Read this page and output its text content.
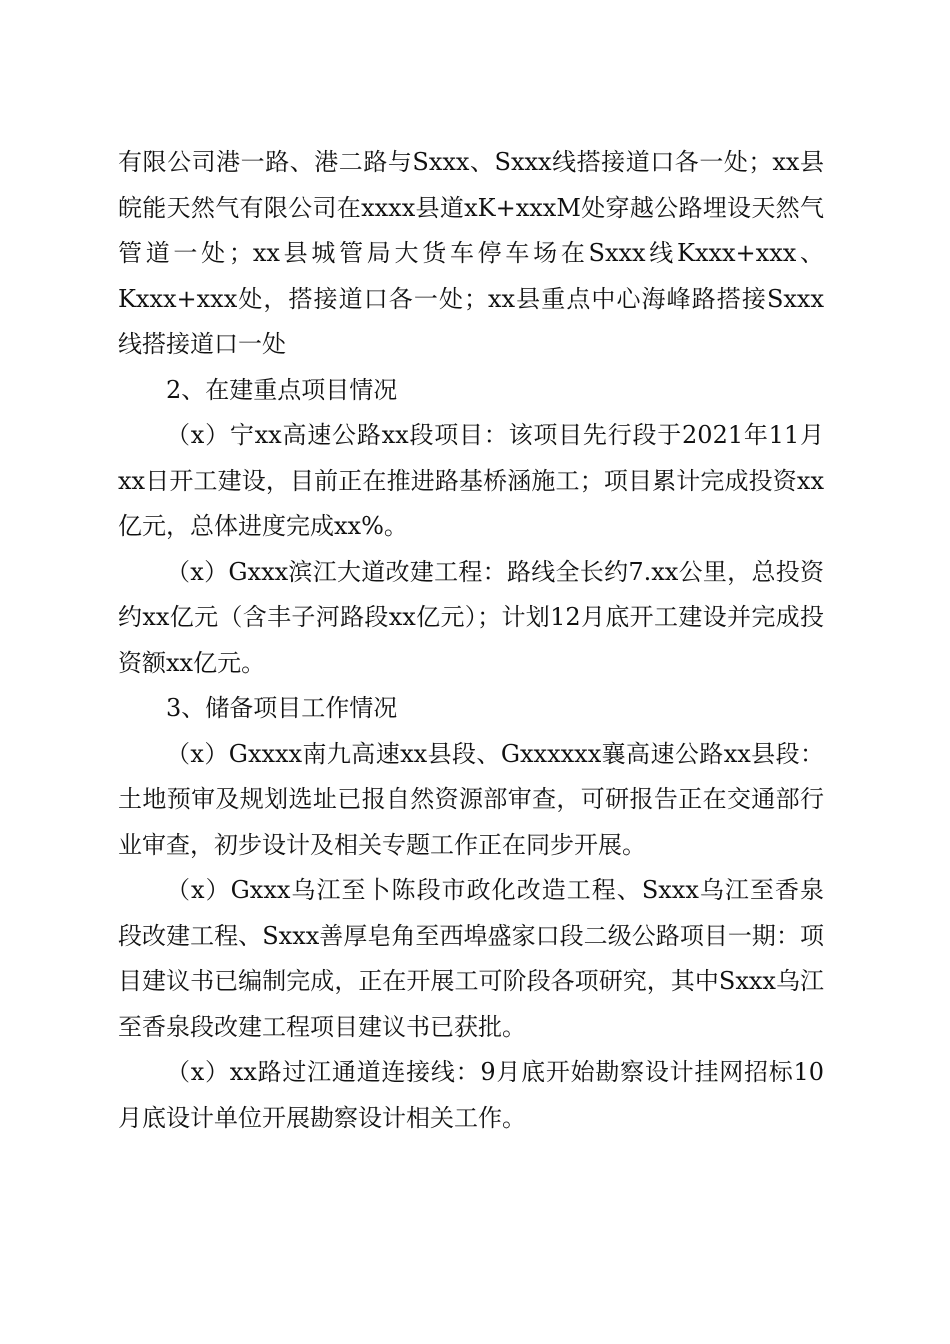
有限公司港一路、港二路与Sxxx、Sxxx线搭接道口各一处；xx县皖能天然气有限公司在xxxx县道xK+xxxM处穿越公路埋设天然气管道一处；xx县城管局大货车停车场在Sxxx线Kxxx+xxx、Kxxx+xxx处，搭接道口各一处；xx县重点中心海峰路搭接Sxxx线搭接道口一处

2、在建重点项目情况

（x）宁xx高速公路xx段项目：该项目先行段于2021年11月xx日开工建设，目前正在推进路基桥涵施工；项目累计完成投资xx亿元，总体进度完成xx%。

（x）Gxxx滨江大道改建工程：路线全长约7.xx公里，总投资约xx亿元（含丰子河路段xx亿元）；计划12月底开工建设并完成投资额xx亿元。

3、储备项目工作情况

（x）Gxxxx南九高速xx县段、Gxxxxxx襄高速公路xx县段：土地预审及规划选址已报自然资源部审查，可研报告正在交通部行业审查，初步设计及相关专题工作正在同步开展。

（x）Gxxx乌江至卜陈段市政化改造工程、Sxxx乌江至香泉段改建工程、Sxxx善厚皂角至西埠盛家口段二级公路项目一期：项目建议书已编制完成，正在开展工可阶段各项研究，其中Sxxx乌江至香泉段改建工程项目建议书已获批。

（x）xx路过江通道连接线：9月底开始勘察设计挂网招标10月底设计单位开展勘察设计相关工作。
